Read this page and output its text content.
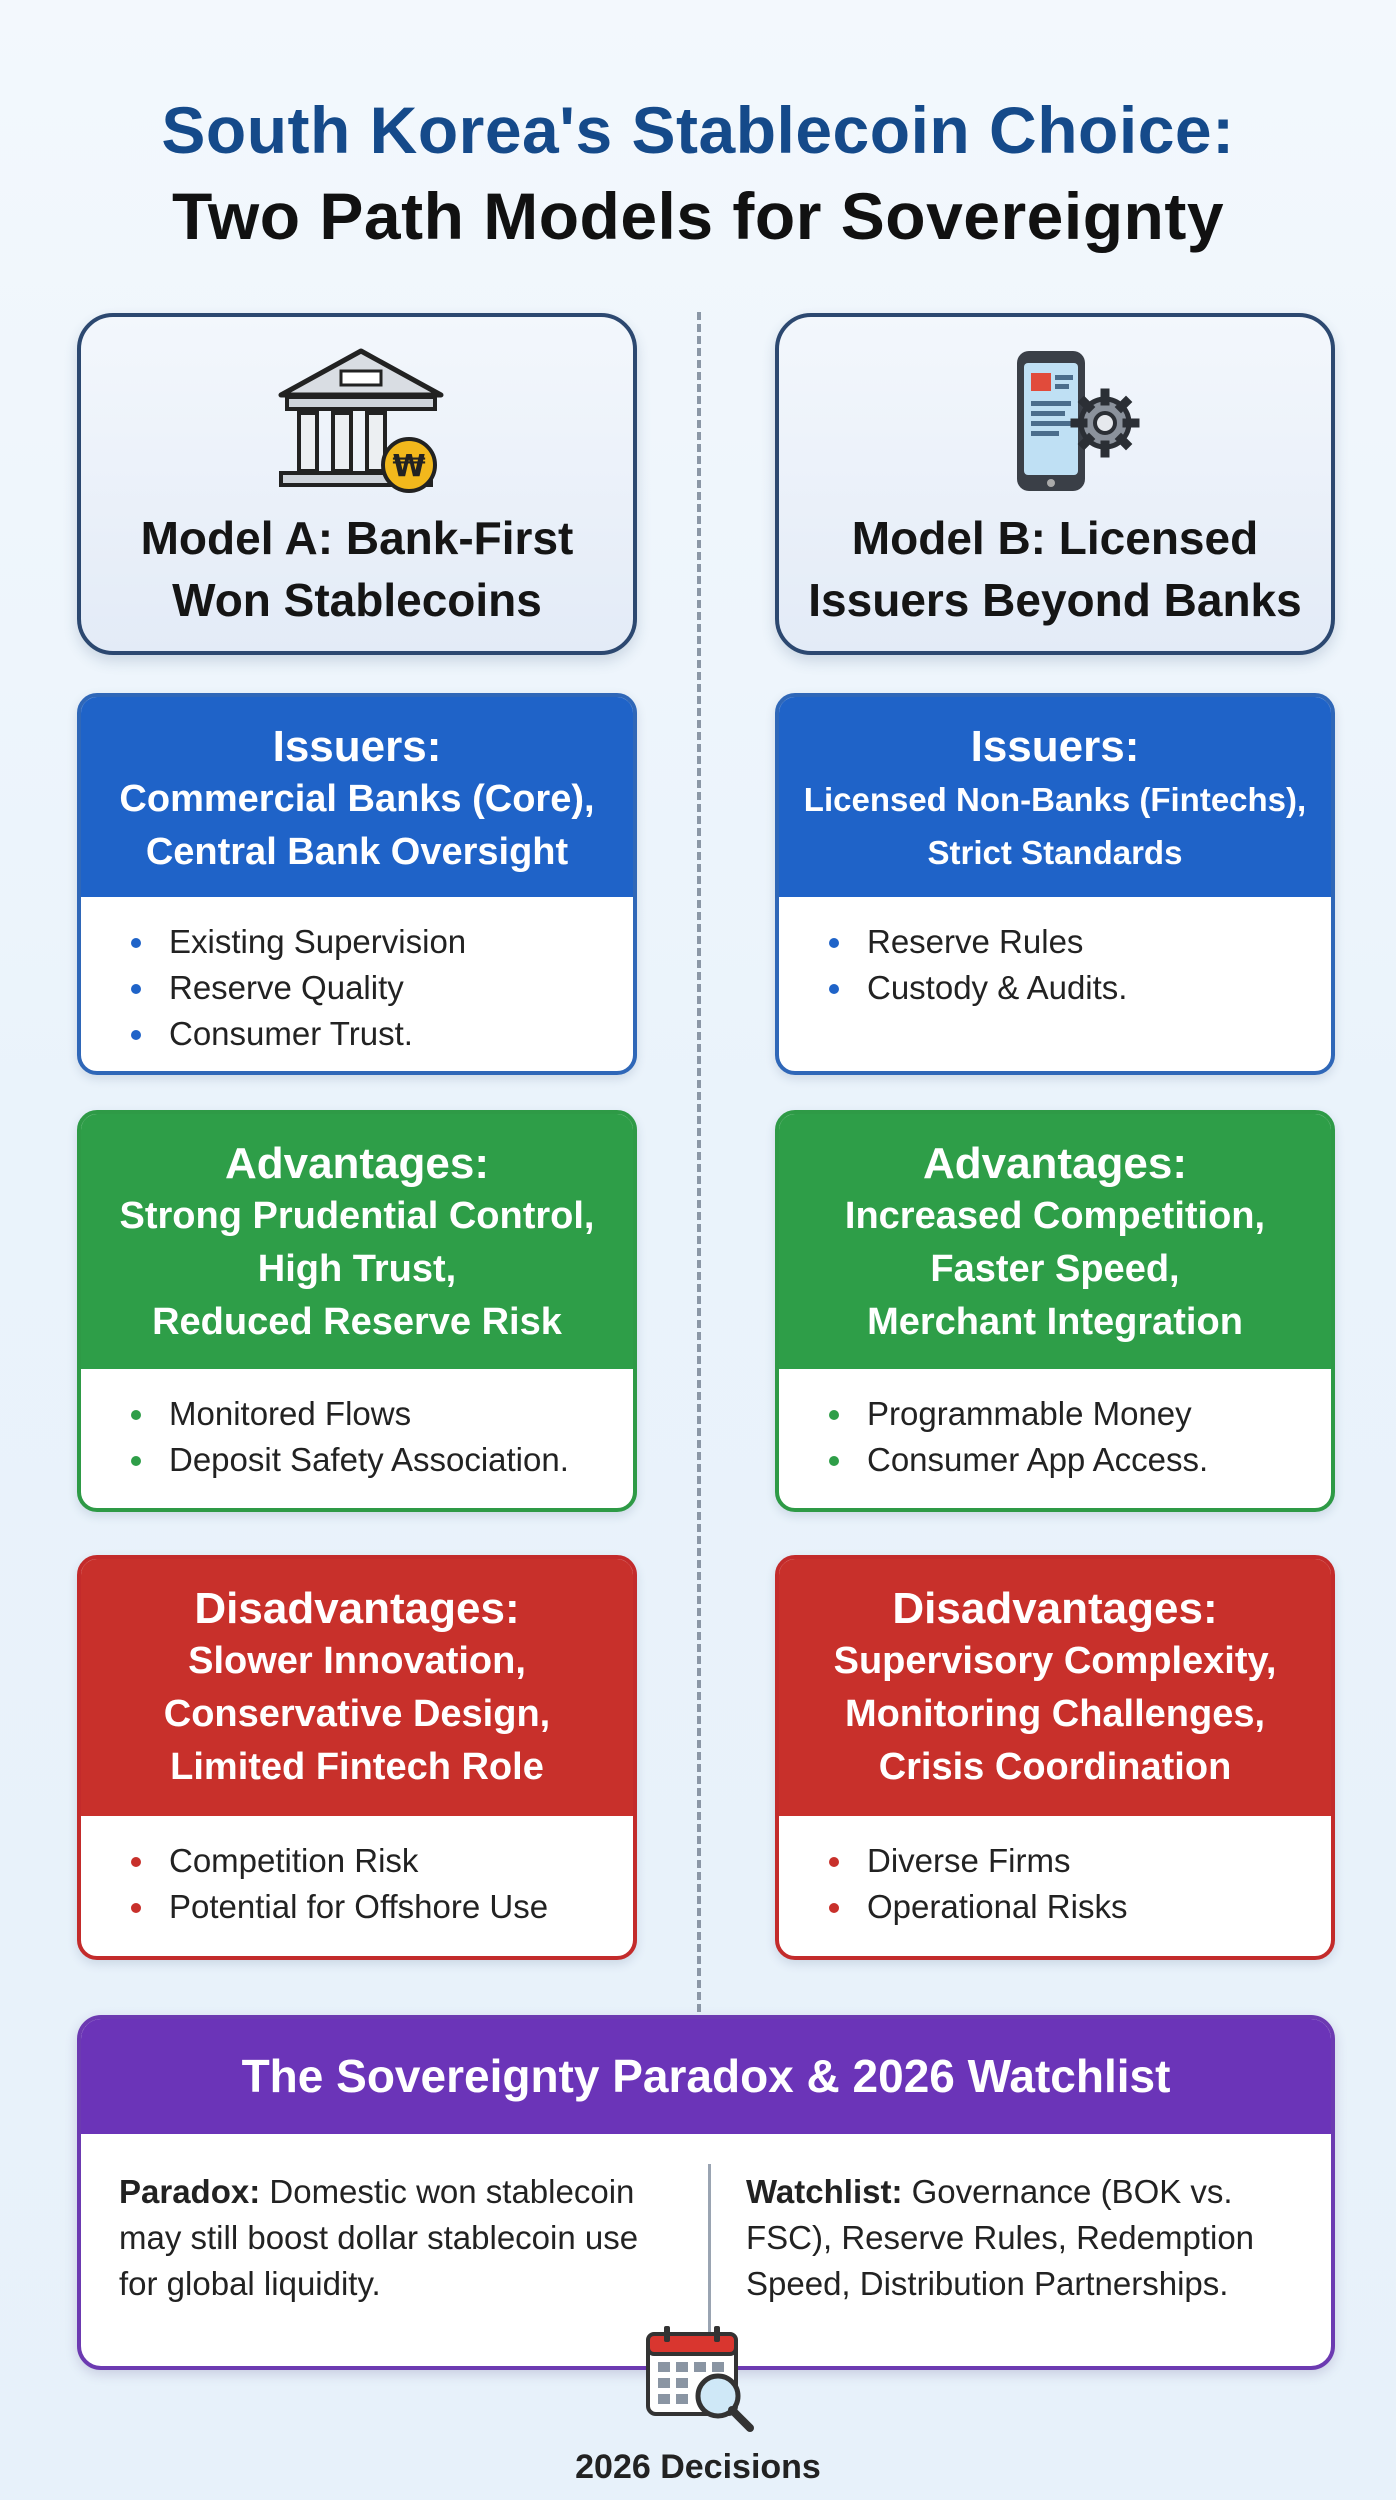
South Korea's Stablecoin Choice:
Two Path Models for Sovereignty
₩
Model A: Bank-First
Won Stablecoins
Model B: Licensed
Issuers Beyond Banks
Issuers:
Commercial Banks (Core),
Central Bank Oversight
Existing Supervision
Reserve Quality
Consumer Trust.
Issuers:
Licensed Non-Banks (Fintechs),
Strict Standards
Reserve Rules
Custody & Audits.
Advantages:
Strong Prudential Control,
High Trust,
Reduced Reserve Risk
Monitored Flows
Deposit Safety Association.
Advantages:
Increased Competition,
Faster Speed,
Merchant Integration
Programmable Money
Consumer App Access.
Disadvantages:
Slower Innovation,
Conservative Design,
Limited Fintech Role
Competition Risk
Potential for Offshore Use
Disadvantages:
Supervisory Complexity,
Monitoring Challenges,
Crisis Coordination
Diverse Firms
Operational Risks
The Sovereignty Paradox & 2026 Watchlist
Paradox: Domestic won stablecoin may still boost dollar stablecoin use for global liquidity.
Watchlist: Governance (BOK vs. FSC), Reserve Rules, Redemption Speed, Distribution Partnerships.
2026 Decisions
